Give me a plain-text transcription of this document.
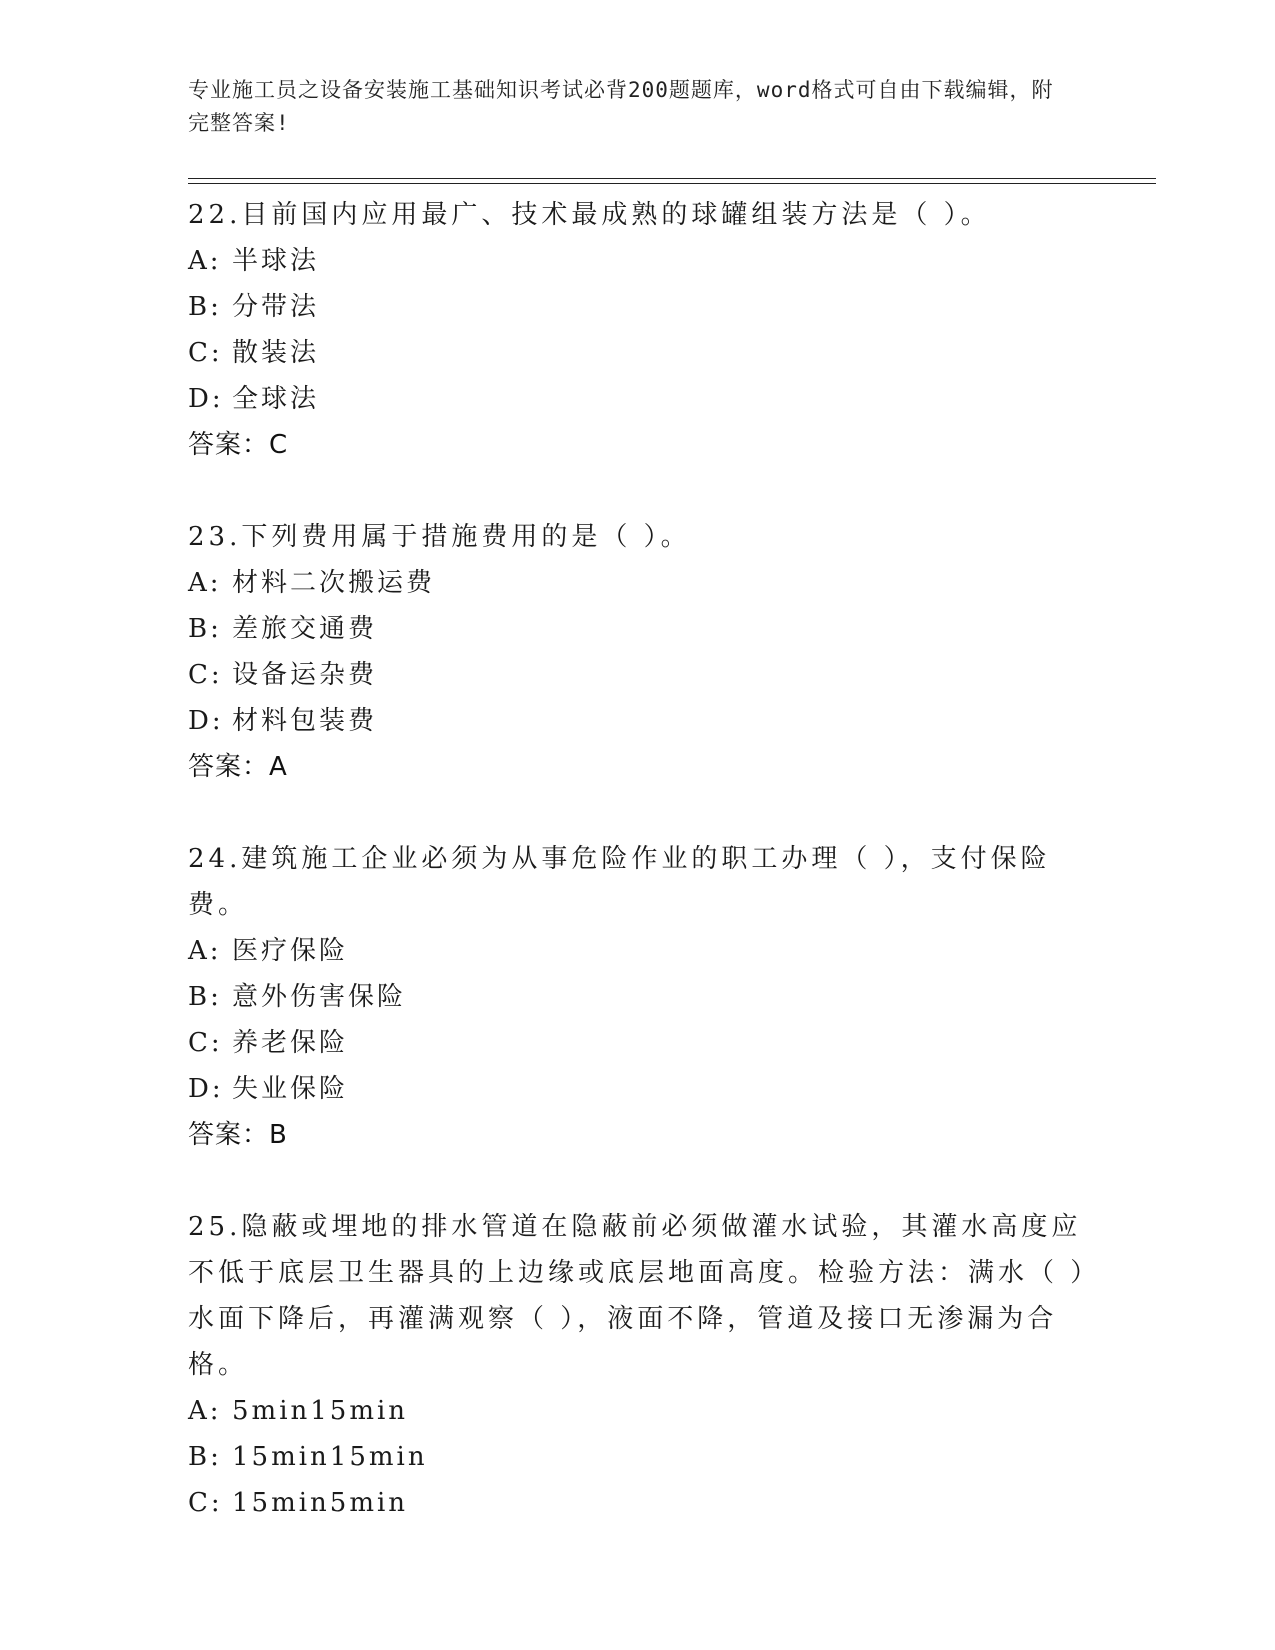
专业施工员之设备安装施工基础知识考试必背200题题库，word格式可自由下载编辑，附完整答案!
22.目前国内应用最广、技术最成熟的球罐组装方法是（ ）。
A: 半球法
B: 分带法
C: 散装法
D: 全球法
答案：C
23.下列费用属于措施费用的是（ ）。
A: 材料二次搬运费
B: 差旅交通费
C: 设备运杂费
D: 材料包装费
答案：A
24.建筑施工企业必须为从事危险作业的职工办理（ ），支付保险费。
A: 医疗保险
B: 意外伤害保险
C: 养老保险
D: 失业保险
答案：B
25.隐蔽或埋地的排水管道在隐蔽前必须做灌水试验，其灌水高度应不低于底层卫生器具的上边缘或底层地面高度。检验方法：满水（ ）水面下降后，再灌满观察（ ），液面不降，管道及接口无渗漏为合格。
A: 5min15min
B: 15min15min
C: 15min5min
